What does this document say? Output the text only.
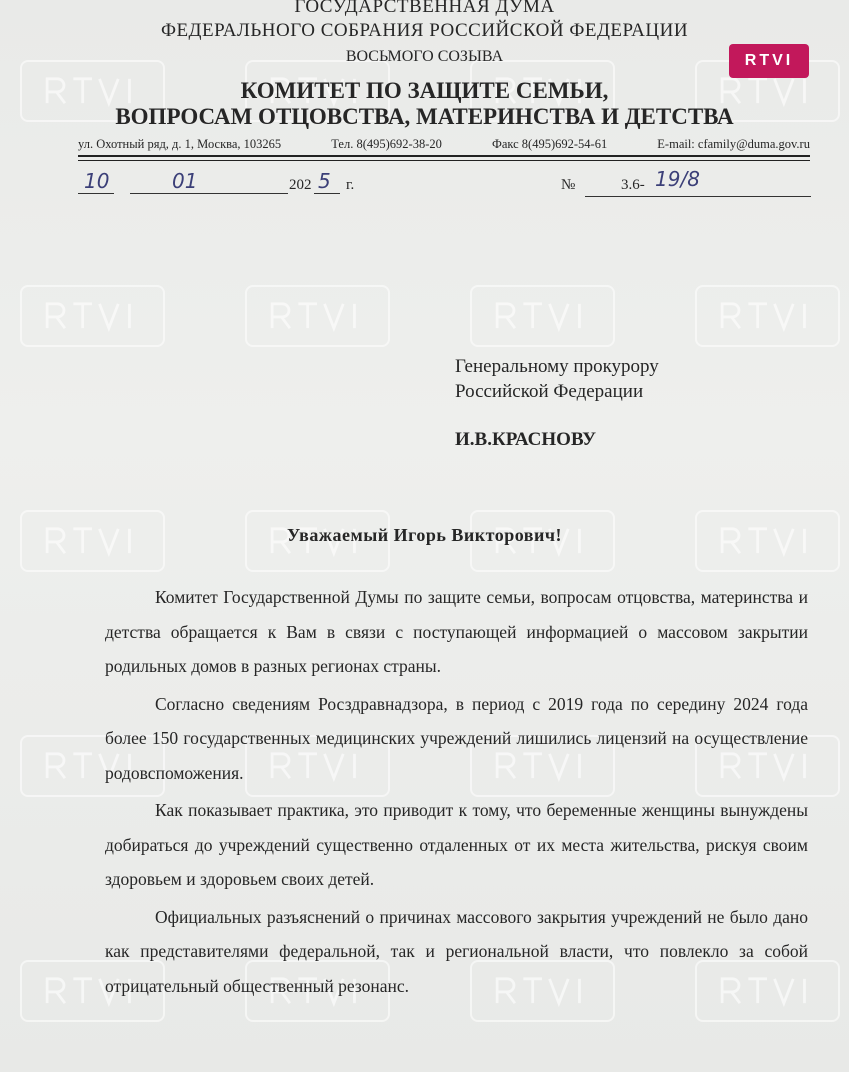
ГОСУДАРСТВЕННАЯ ДУМА
ФЕДЕРАЛЬНОГО СОБРАНИЯ РОССИЙСКОЙ ФЕДЕРАЦИИ
ВОСЬМОГО СОЗЫВА	RTVI
КОМИТЕТ ПО ЗАЩИТЕ СЕМЬИ,
ВОПРОСАМ ОТЦОВСТВА, МАТЕРИНСТВА И ДЕТСТВА
ул. Охотный ряд, д. 1, Москва, 103265	Тел. 8(495)692-38-20	Факс 8(495)692-54-61	E-mail: cfamily@duma.gov.ru
10	01	202 5 г.	№	3.6- 19/8
Генеральному прокурору
Российской Федерации
И.В.КРАСНОВУ
Уважаемый Игорь Викторович!

Комитет Государственной Думы по защите семьи, вопросам отцовства, материнства и детства обращается к Вам в связи с поступающей информацией о массовом закрытии родильных домов в разных регионах страны.

Согласно сведениям Росздравнадзора, в период с 2019 года по середину 2024 года более 150 государственных медицинских учреждений лишились лицензий на осуществление родовспоможения.

Как показывает практика, это приводит к тому, что беременные женщины вынуждены добираться до учреждений существенно отдаленных от их места жительства, рискуя своим здоровьем и здоровьем своих детей.

Официальных разъяснений о причинах массового закрытия учреждений не было дано как представителями федеральной, так и региональной власти, что повлекло за собой отрицательный общественный резонанс.
